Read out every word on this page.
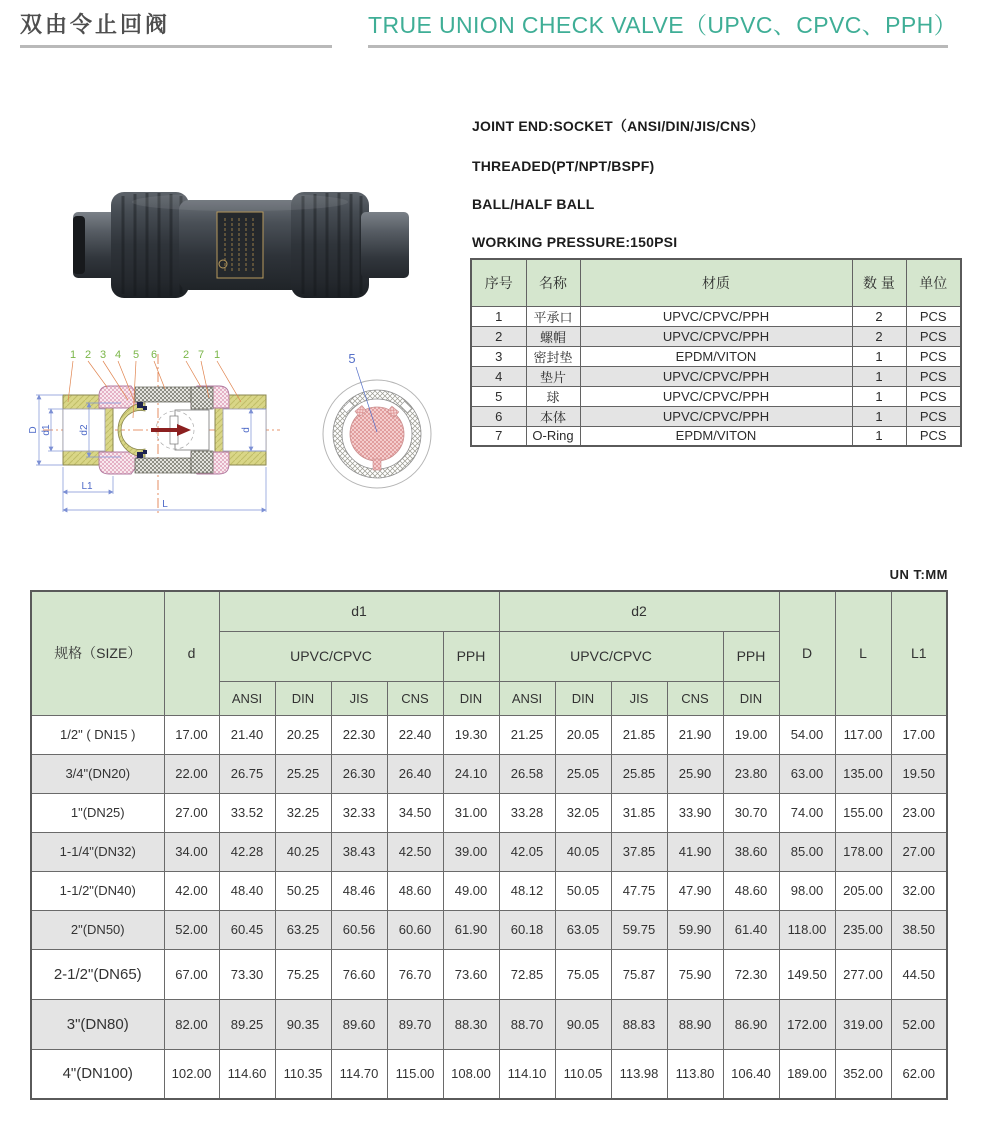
双由令止回阀	TRUE UNION CHECK VALVE（UPVC、CPVC、PPH）
JOINT END:SOCKET（ANSI/DIN/JIS/CNS）
THREADED(PT/NPT/BSPF)
BALL/HALF BALL
WORKING PRESSURE:150PSI
序号	名称	材质	数 量	单位
1	平承口	UPVC/CPVC/PPH	2	PCS
2	螺帽	UPVC/CPVC/PPH	2	PCS
3	密封垫	EPDM/VITON	1	PCS
4	垫片	UPVC/CPVC/PPH	1	PCS
5	球	UPVC/CPVC/PPH	1	PCS
6	本体	UPVC/CPVC/PPH	1	PCS
7	O-Ring	EPDM/VITON	1	PCS
D d1	d2	d
L1
L
1 2 3 4 5 6 2 7 1	5
UN T:MM
规格（SIZE）	d	d1					d2					D	L	L1
		UPVC/CPVC				PPH	UPVC/CPVC				PPH			
		ANSI	DIN	JIS	CNS	DIN	ANSI	DIN	JIS	CNS	DIN			
1/2" ( DN15 )	17.00	21.40	20.25	22.30	22.40	19.30	21.25	20.05	21.85	21.90	19.00	54.00	117.00	17.00
3/4"(DN20)	22.00	26.75	25.25	26.30	26.40	24.10	26.58	25.05	25.85	25.90	23.80	63.00	135.00	19.50
1"(DN25)	27.00	33.52	32.25	32.33	34.50	31.00	33.28	32.05	31.85	33.90	30.70	74.00	155.00	23.00
1-1/4"(DN32)	34.00	42.28	40.25	38.43	42.50	39.00	42.05	40.05	37.85	41.90	38.60	85.00	178.00	27.00
1-1/2"(DN40)	42.00	48.40	50.25	48.46	48.60	49.00	48.12	50.05	47.75	47.90	48.60	98.00	205.00	32.00
2"(DN50)	52.00	60.45	63.25	60.56	60.60	61.90	60.18	63.05	59.75	59.90	61.40	118.00	235.00	38.50
2-1/2"(DN65)	67.00	73.30	75.25	76.60	76.70	73.60	72.85	75.05	75.87	75.90	72.30	149.50	277.00	44.50
3"(DN80)	82.00	89.25	90.35	89.60	89.70	88.30	88.70	90.05	88.83	88.90	86.90	172.00	319.00	52.00
4"(DN100)	102.00	114.60	110.35	114.70	115.00	108.00	114.10	110.05	113.98	113.80	106.40	189.00	352.00	62.00
